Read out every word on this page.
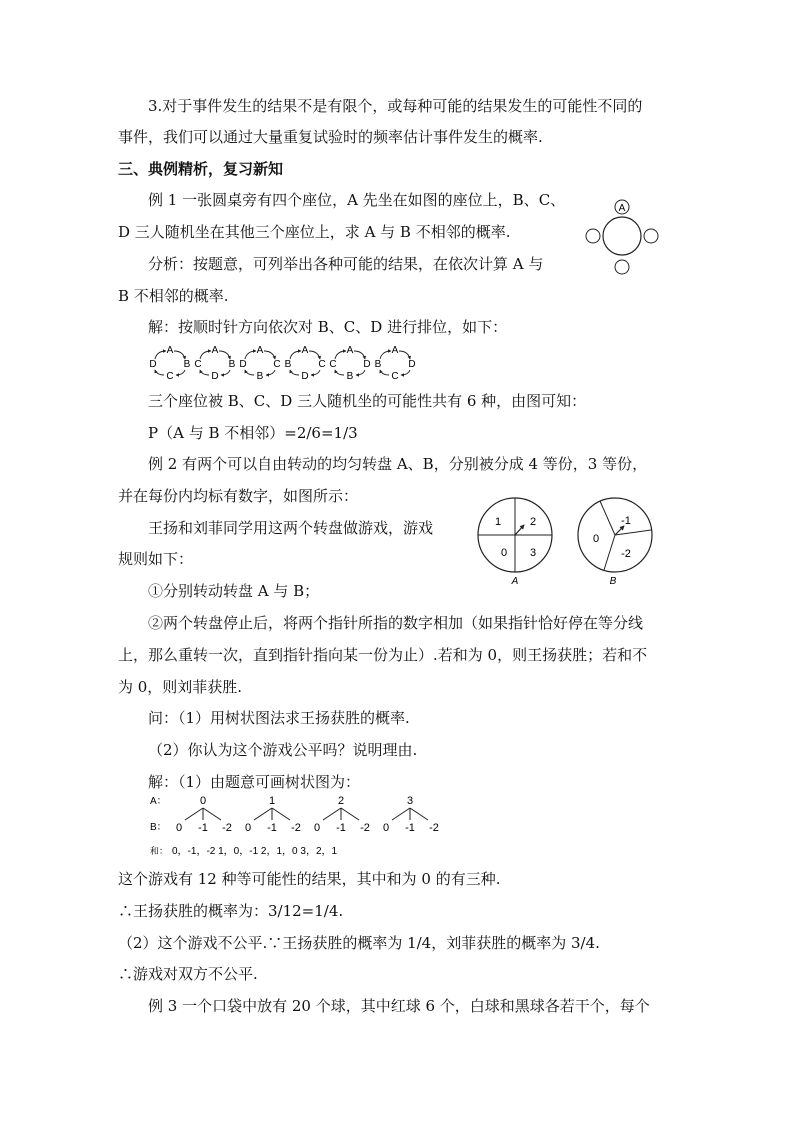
3.对于事件发生的结果不是有限个，或每种可能的结果发生的可能性不同的
事件，我们可以通过大量重复试验时的频率估计事件发生的概率.
三、典例精析，复习新知
例 1 一张圆桌旁有四个座位，A 先坐在如图的座位上，B、C、
D 三人随机坐在其他三个座位上，求 A 与 B 不相邻的概率.
分析：按题意，可列举出各种可能的结果，在依次计算 A 与
B 不相邻的概率.
A
解：按顺时针方向依次对 B、C、D 进行排位，如下：
A
D	B
C
A
C	B
D
A
D	C
B
A
B	C
D
A
C	D
B
A
B	D
C
三个座位被 B、C、D 三人随机坐的可能性共有 6 种，由图可知：
P（A 与 B 不相邻）=2/6=1/3
例 2 有两个可以自由转动的均匀转盘 A、B，分别被分成 4 等份，3 等份，
并在每份内均标有数字，如图所示：
王扬和刘菲同学用这两个转盘做游戏，游戏
规则如下：
①分别转动转盘 A 与 B；
②两个转盘停止后，将两个指针所指的数字相加（如果指针恰好停在等分线
上，那么重转一次，直到指针指向某一份为止）.若和为 0，则王扬获胜；若和不
为 0，则刘菲获胜.
1	2
0 3
A
-1
0
-2
B
问：（1）用树状图法求王扬获胜的概率.
（2）你认为这个游戏公平吗？说明理由.
解：（1）由题意可画树状图为：
A：
B：
和：
0
0 -1 -2
1
0 -1 -2
2
0 -1 -2
3
0 -1 -2
0，-1，-2 1，0，-1 2，1，0 3，2，1
这个游戏有 12 种等可能性的结果，其中和为 0 的有三种.
∴王扬获胜的概率为：3/12=1/4.
（2）这个游戏不公平.∵王扬获胜的概率为 1/4，刘菲获胜的概率为 3/4.
∴游戏对双方不公平.
例 3 一个口袋中放有 20 个球，其中红球 6 个，白球和黑球各若干个，每个
